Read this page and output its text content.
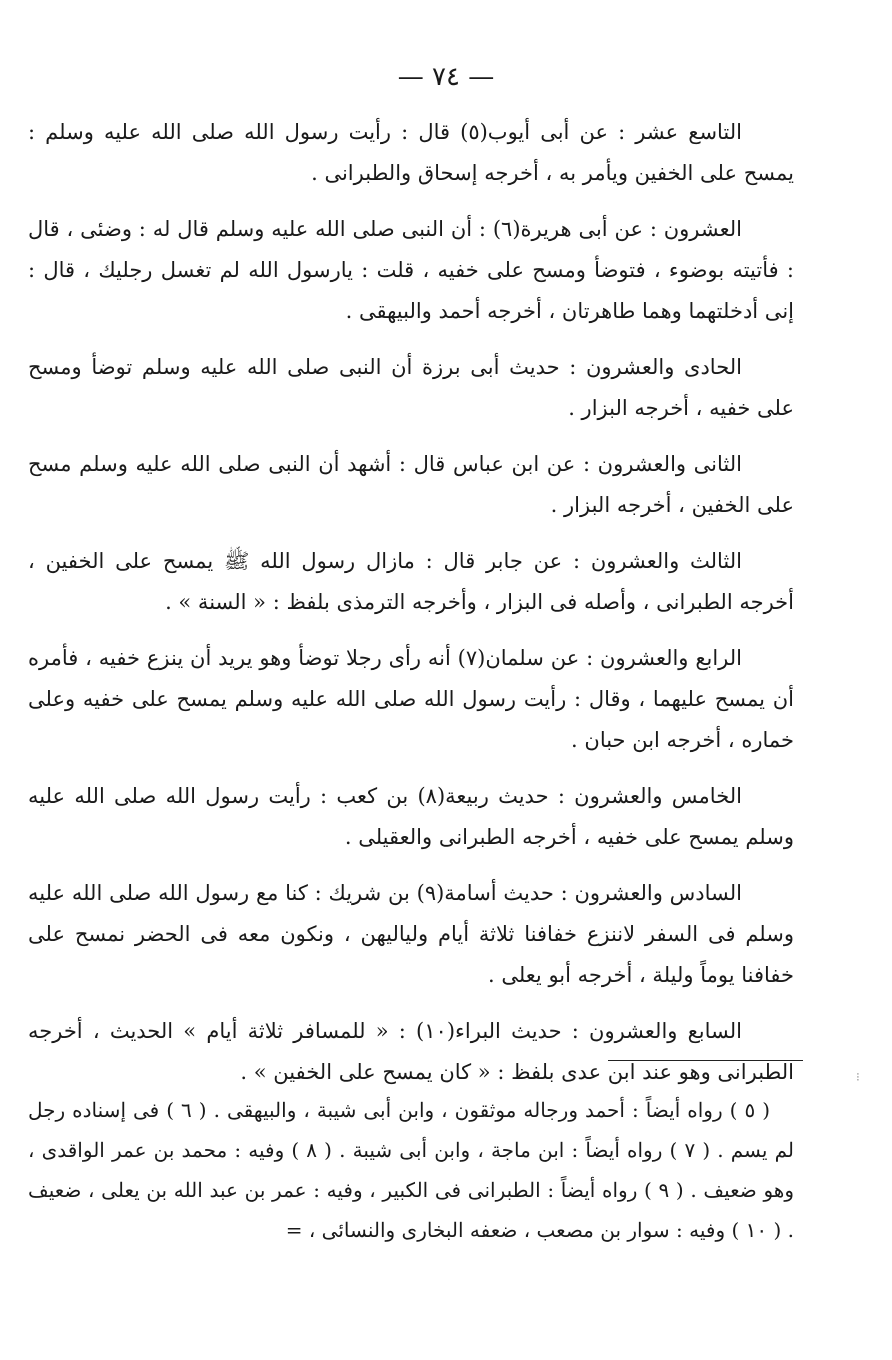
— ٧٤ —

التاسع عشر : عن أبى أيوب(٥) قال : رأيت رسول الله صلى الله عليه وسلم : يمسح على الخفين ويأمر به ، أخرجه إسحاق والطبرانى .

العشرون : عن أبى هريرة(٦) : أن النبى صلى الله عليه وسلم قال له : وضئى ، قال : فأتيته بوضوء ، فتوضأ ومسح على خفيه ، قلت : يارسول الله لم تغسل رجليك ، قال : إنى أدخلتهما وهما طاهرتان ، أخرجه أحمد والبيهقى .

الحادى والعشرون : حديث أبى برزة أن النبى صلى الله عليه وسلم توضأ ومسح على خفيه ، أخرجه البزار .

الثانى والعشرون : عن ابن عباس قال : أشهد أن النبى صلى الله عليه وسلم مسح على الخفين ، أخرجه البزار .

الثالث والعشرون : عن جابر قال : مازال رسول الله ﷺ يمسح على الخفين ، أخرجه الطبرانى ، وأصله فى البزار ، وأخرجه الترمذى بلفظ : « السنة » .

الرابع والعشرون : عن سلمان(٧) أنه رأى رجلا توضأ وهو يريد أن ينزع خفيه ، فأمره أن يمسح عليهما ، وقال : رأيت رسول الله صلى الله عليه وسلم يمسح على خفيه وعلى خماره ، أخرجه ابن حبان .

الخامس والعشرون : حديث ربيعة(٨) بن كعب : رأيت رسول الله صلى الله عليه وسلم يمسح على خفيه ، أخرجه الطبرانى والعقيلى .

السادس والعشرون : حديث أسامة(٩) بن شريك : كنا مع رسول الله صلى الله عليه وسلم فى السفر لاننزع خفافنا ثلاثة أيام ولياليهن ، ونكون معه فى الحضر نمسح على خفافنا يوماً وليلة ، أخرجه أبو يعلى .

السابع والعشرون : حديث البراء(١٠) : « للمسافر ثلاثة أيام » الحديث ، أخرجه الطبرانى وهو عند ابن عدى بلفظ : « كان يمسح على الخفين » .

( ٥ ) رواه أيضاً : أحمد ورجاله موثقون ، وابن أبى شيبة ، والبيهقى . ( ٦ ) فى إسناده رجل لم يسم . ( ٧ ) رواه أيضاً : ابن ماجة ، وابن أبى شيبة . ( ٨ ) وفيه : محمد بن عمر الواقدى ، وهو ضعيف . ( ٩ ) رواه أيضاً : الطبرانى فى الكبير ، وفيه : عمر بن عبد الله بن يعلى ، ضعيف . ( ١٠ ) وفيه : سوار بن مصعب ، ضعفه البخارى والنسائى ، =

⁝
